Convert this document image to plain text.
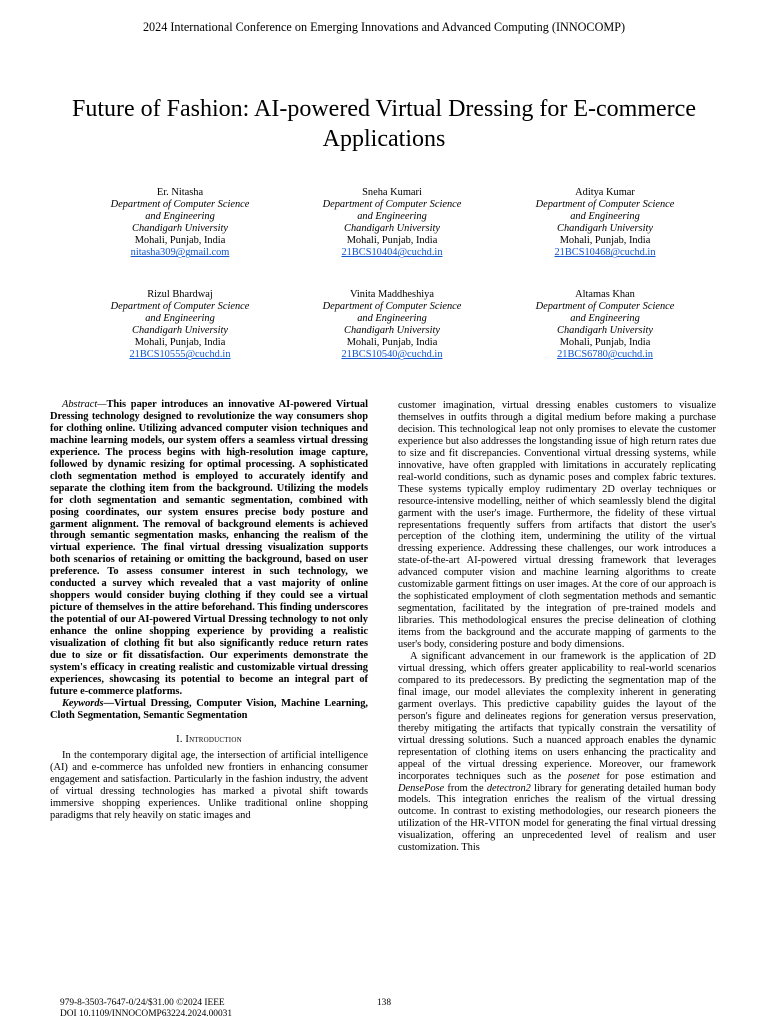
2024 International Conference on Emerging Innovations and Advanced Computing (INNOCOMP)
Future of Fashion: AI-powered Virtual Dressing for E-commerce Applications
Er. Nitasha
Department of Computer Science
and Engineering
Chandigarh University
Mohali, Punjab, India
nitasha309@gmail.com
Sneha Kumari
Department of Computer Science
and Engineering
Chandigarh University
Mohali, Punjab, India
21BCS10404@cuchd.in
Aditya Kumar
Department of Computer Science
and Engineering
Chandigarh University
Mohali, Punjab, India
21BCS10468@cuchd.in
Rizul Bhardwaj
Department of Computer Science
and Engineering
Chandigarh University
Mohali, Punjab, India
21BCS10555@cuchd.in
Vinita Maddheshiya
Department of Computer Science
and Engineering
Chandigarh University
Mohali, Punjab, India
21BCS10540@cuchd.in
Altamas Khan
Department of Computer Science
and Engineering
Chandigarh University
Mohali, Punjab, India
21BCS6780@cuchd.in

Abstract—This paper introduces an innovative AI-powered Virtual Dressing technology designed to revolutionize the way consumers shop for clothing online. Utilizing advanced computer vision techniques and machine learning models, our system offers a seamless virtual dressing experience. The process begins with high-resolution image capture, followed by dynamic resizing for optimal processing. A sophisticated cloth segmentation method is employed to accurately identify and separate the clothing item from the background. Utilizing the models for cloth segmentation and semantic segmentation, combined with posing coordinates, our system ensures precise body posture and garment alignment. The removal of background elements is achieved through semantic segmentation masks, enhancing the realism of the virtual experience. The final virtual dressing visualization supports both scenarios of retaining or omitting the background, based on user preference. To assess consumer interest in such technology, we conducted a survey which revealed that a vast majority of online shoppers would consider buying clothing if they could see a virtual picture of themselves in the attire beforehand. This finding underscores the potential of our AI-powered Virtual Dressing technology to not only enhance the online shopping experience by providing a realistic visualization of clothing fit but also significantly reduce return rates due to size or fit dissatisfaction. Our experiments demonstrate the system's efficacy in creating realistic and customizable virtual dressing experiences, showcasing its potential to become an integral part of future e-commerce platforms.

Keywords—Virtual Dressing, Computer Vision, Machine Learning, Cloth Segmentation, Semantic Segmentation

I. Introduction

In the contemporary digital age, the intersection of artificial intelligence (AI) and e-commerce has unfolded new frontiers in enhancing consumer engagement and satisfaction. Particularly in the fashion industry, the advent of virtual dressing technologies has marked a pivotal shift towards immersive shopping experiences. Unlike traditional online shopping paradigms that rely heavily on static images and

customer imagination, virtual dressing enables customers to visualize themselves in outfits through a digital medium before making a purchase decision. This technological leap not only promises to elevate the customer experience but also addresses the longstanding issue of high return rates due to size and fit discrepancies. Conventional virtual dressing systems, while innovative, have often grappled with limitations in accurately replicating real-world conditions, such as dynamic poses and complex fabric textures. These systems typically employ rudimentary 2D overlay techniques or resource-intensive modelling, neither of which seamlessly blend the digital garment with the user's image. Furthermore, the fidelity of these virtual representations frequently suffers from artifacts that distort the user's perception of the clothing item, undermining the utility of the virtual dressing experience. Addressing these challenges, our work introduces a state-of-the-art AI-powered virtual dressing framework that leverages advanced computer vision and machine learning algorithms to create customizable garment fittings on user images. At the core of our approach is the sophisticated employment of cloth segmentation methods and semantic segmentation, facilitated by the integration of pre-trained models and libraries. This methodological ensures the precise delineation of clothing items from the background and the accurate mapping of garments to the user's body, considering posture and body dimensions.

A significant advancement in our framework is the application of 2D virtual dressing, which offers greater applicability to real-world scenarios compared to its predecessors. By predicting the segmentation map of the final image, our model alleviates the complexity inherent in generating garment overlays. This predictive capability guides the layout of the person's figure and delineates regions for generation versus preservation, thereby mitigating the artifacts that typically constrain the versatility of virtual dressing solutions. Such a nuanced approach enables the dynamic representation of clothing items on users enhancing the practicality and appeal of the virtual dressing experience. Moreover, our framework incorporates techniques such as the posenet for pose estimation and DensePose from the detectron2 library for generating detailed human body models. This integration enriches the realism of the virtual dressing outcome. In contrast to existing methodologies, our research pioneers the utilization of the HR-VITON model for generating the final virtual dressing visualization, offering an unprecedented level of realism and user customization. This

979-8-3503-7647-0/24/$31.00 ©2024 IEEE
DOI 10.1109/INNOCOMP63224.2024.00031
138
